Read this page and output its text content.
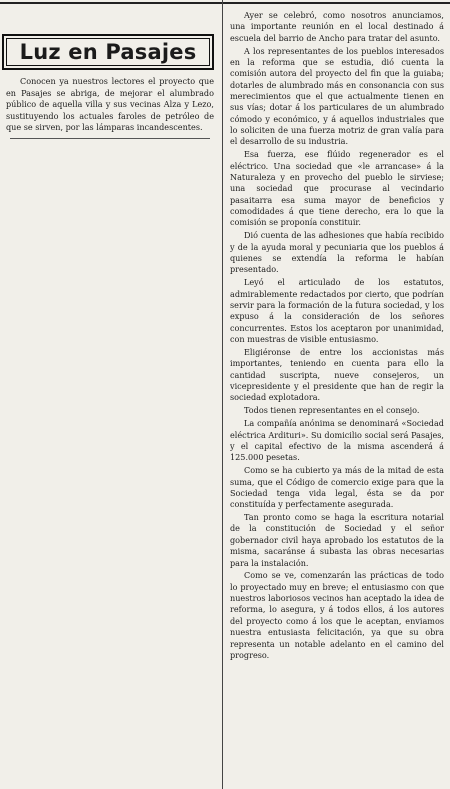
Luz en Pasajes

Conocen ya nuestros lectores el proyecto que en Pasajes se abriga, de mejorar el alumbrado público de aquella villa y sus vecinas Alza y Lezo, sustituyendo los actuales faroles de petróleo de que se sirven, por las lámparas incandescentes.

Ayer se celebró, como nosotros anunciamos, una importante reunión en el local destinado á escuela del barrio de Ancho para tratar del asunto.

A los representantes de los pueblos interesados en la reforma que se estudia, dió cuenta la comisión autora del proyecto del fin que la guiaba; dotarles de alumbrado más en consonancia con sus merecimientos que el que actualmente tienen en sus vías; dotar á los particulares de un alumbrado cómodo y económico, y á aquellos industriales que lo soliciten de una fuerza motriz de gran valía para el desarrollo de su industria.

Esa fuerza, ese flúido regenerador es el eléctrico. Una sociedad que «le arrancase» á la Naturaleza y en provecho del pueblo le sirviese; una sociedad que procurase al vecindario pasaitarra esa suma mayor de beneficios y comodidades á que tiene derecho, era lo que la comisión se proponía constituir.

Dió cuenta de las adhesiones que había recibido y de la ayuda moral y pecuniaria que los pueblos á quienes se extendía la reforma le habían presentado.

Leyó el articulado de los estatutos, admirablemente redactados por cierto, que podrían servir para la formación de la futura sociedad, y los expuso á la consideración de los señores concurrentes. Estos los aceptaron por unanimidad, con muestras de visible entusiasmo.

Eligiéronse de entre los accionistas más importantes, teniendo en cuenta para ello la cantidad suscripta, nueve consejeros, un vicepresidente y el presidente que han de regir la sociedad explotadora.

Todos tienen representantes en el consejo.

La compañía anónima se denominará «Sociedad eléctrica Ardituri». Su domicilio social será Pasajes, y el capital efectivo de la misma ascenderá á 125.000 pesetas.

Como se ha cubierto ya más de la mitad de esta suma, que el Código de comercio exige para que la Sociedad tenga vida legal, ésta se da por constituída y perfectamente asegurada.

Tan pronto como se haga la escritura notarial de la constitución de Sociedad y el señor gobernador civil haya aprobado los estatutos de la misma, sacaránse á subasta las obras necesarias para la instalación.

Como se ve, comenzarán las prácticas de todo lo proyectado muy en breve; el entusiasmo con que nuestros laboriosos vecinos han aceptado la idea de reforma, lo asegura, y á todos ellos, á los autores del proyecto como á los que le aceptan, enviamos nuestra entusiasta felicitación, ya que su obra representa un notable adelanto en el camino del progreso.
